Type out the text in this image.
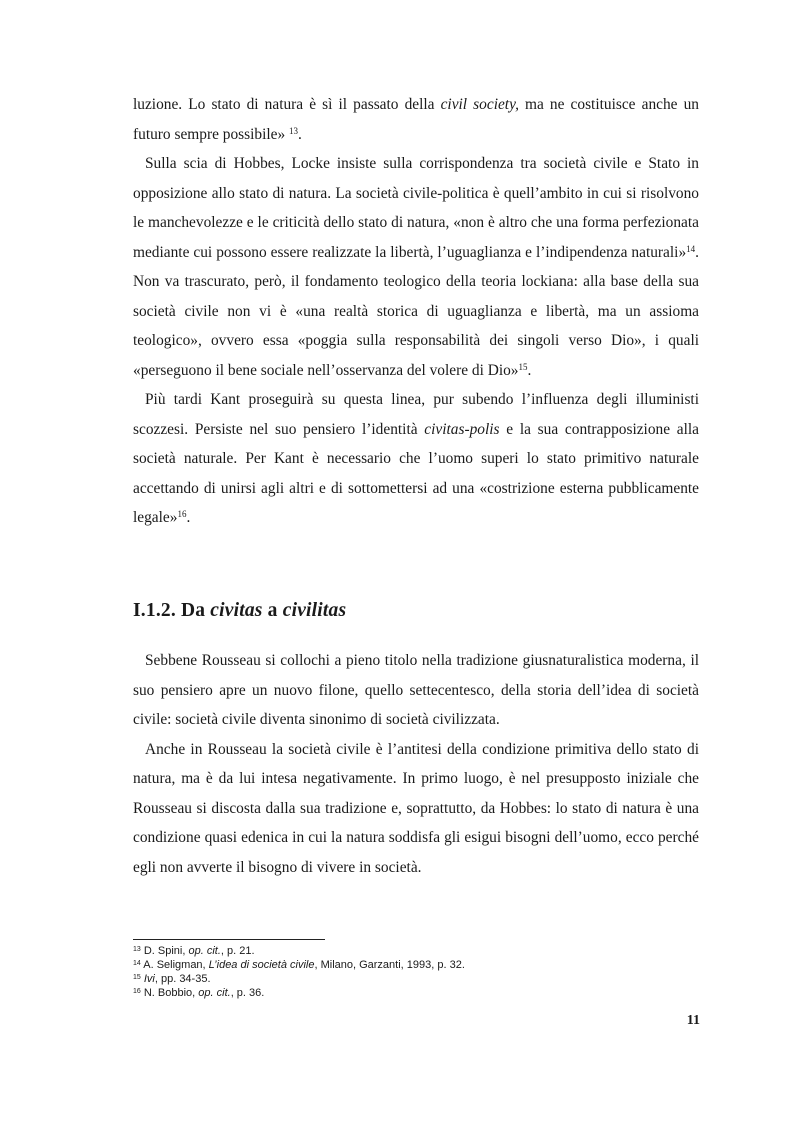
luzione. Lo stato di natura è sì il passato della civil society, ma ne costituisce anche un futuro sempre possibile» $^{13}$.

Sulla scia di Hobbes, Locke insiste sulla corrispondenza tra società civile e Stato in opposizione allo stato di natura. La società civile-politica è quell’ambito in cui si risolvono le manchevolezze e le criticità dello stato di natura, «non è altro che una forma perfezionata mediante cui possono essere realizzate la libertà, l’uguaglianza e l’indipendenza naturali»$^{14}$. Non va trascurato, però, il fondamento teologico della teoria lockiana: alla base della sua società civile non vi è «una realtà storica di uguaglianza e libertà, ma un assioma teologico», ovvero essa «poggia sulla responsabilità dei singoli verso Dio», i quali «perseguono il bene sociale nell’osservanza del volere di Dio»$^{15}$.

Più tardi Kant proseguirà su questa linea, pur subendo l’influenza degli illuministi scozzesi. Persiste nel suo pensiero l’identità civitas-polis e la sua contrapposizione alla società naturale. Per Kant è necessario che l’uomo superi lo stato primitivo naturale accettando di unirsi agli altri e di sottomettersi ad una «costrizione esterna pubblicamente legale»$^{16}$.

I.1.2. Da civitas a civilitas

Sebbene Rousseau si collochi a pieno titolo nella tradizione giusnaturalistica moderna, il suo pensiero apre un nuovo filone, quello settecentesco, della storia dell’idea di società civile: società civile diventa sinonimo di società civilizzata.

Anche in Rousseau la società civile è l’antitesi della condizione primitiva dello stato di natura, ma è da lui intesa negativamente. In primo luogo, è nel presupposto iniziale che Rousseau si discosta dalla sua tradizione e, soprattutto, da Hobbes: lo stato di natura è una condizione quasi edenica in cui la natura soddisfa gli esigui bisogni dell’uomo, ecco perché egli non avverte il bisogno di vivere in società.

$^{13}$ D. Spini, op. cit., p. 21.

$^{14}$ A. Seligman, L’idea di società civile, Milano, Garzanti, 1993, p. 32.

$^{15}$ Ivi, pp. 34-35.

$^{16}$ N. Bobbio, op. cit., p. 36.

11
